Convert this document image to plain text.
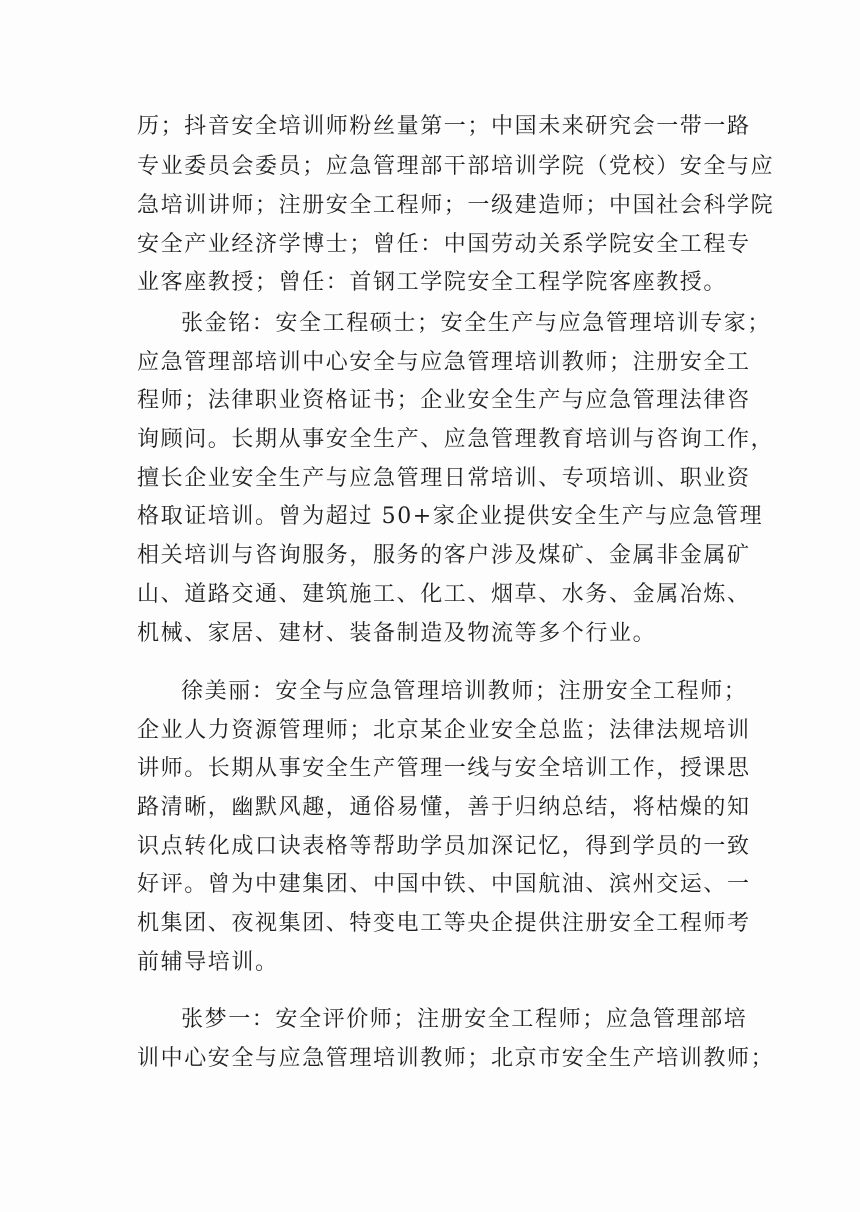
历；抖音安全培训师粉丝量第一；中国未来研究会一带一路
专业委员会委员；应急管理部干部培训学院（党校）安全与应
急培训讲师；注册安全工程师；一级建造师；中国社会科学院
安全产业经济学博士；曾任：中国劳动关系学院安全工程专
业客座教授；曾任：首钢工学院安全工程学院客座教授。
张金铭：安全工程硕士；安全生产与应急管理培训专家；
应急管理部培训中心安全与应急管理培训教师；注册安全工
程师；法律职业资格证书；企业安全生产与应急管理法律咨
询顾问。长期从事安全生产、应急管理教育培训与咨询工作，
擅长企业安全生产与应急管理日常培训、专项培训、职业资
格取证培训。曾为超过 50+家企业提供安全生产与应急管理
相关培训与咨询服务，服务的客户涉及煤矿、金属非金属矿
山、道路交通、建筑施工、化工、烟草、水务、金属冶炼、
机械、家居、建材、装备制造及物流等多个行业。
徐美丽：安全与应急管理培训教师；注册安全工程师；
企业人力资源管理师；北京某企业安全总监；法律法规培训
讲师。长期从事安全生产管理一线与安全培训工作，授课思
路清晰，幽默风趣，通俗易懂，善于归纳总结，将枯燥的知
识点转化成口诀表格等帮助学员加深记忆，得到学员的一致
好评。曾为中建集团、中国中铁、中国航油、滨州交运、一
机集团、夜视集团、特变电工等央企提供注册安全工程师考
前辅导培训。
张梦一：安全评价师；注册安全工程师；应急管理部培
训中心安全与应急管理培训教师；北京市安全生产培训教师；
